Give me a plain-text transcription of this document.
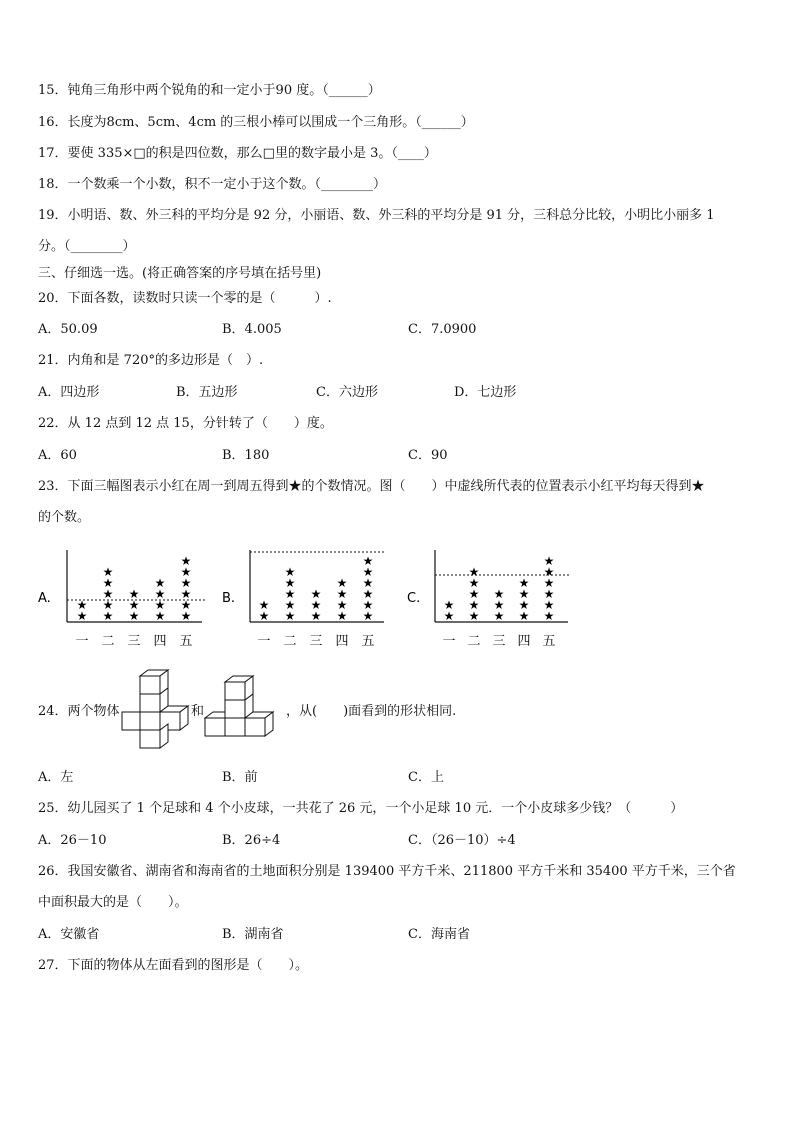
15．钝角三角形中两个锐角的和一定小于90 度。（______）
16．长度为8cm、5cm、4cm 的三根小棒可以围成一个三角形。（______）
17．要使 335×□的积是四位数，那么□里的数字最小是 3。（____）
18．一个数乘一个小数，积不一定小于这个数。（________）
19．小明语、数、外三科的平均分是 92 分，小丽语、数、外三科的平均分是 91 分，三科总分比较，小明比小丽多 1
分。（________）
三、仔细选一选。(将正确答案的序号填在括号里)
20．下面各数，读数时只读一个零的是（　　　）.
A．50.09	B．4.005	C．7.0900
21．内角和是 720°的多边形是（　）.
A．四边形	B．五边形	C．六边形	D．七边形
22．从 12 点到 12 点 15，分针转了（　　）度。
A．60	B．180	C．90
23．下面三幅图表示小红在周一到周五得到★的个数情况。图（　　）中虚线所代表的位置表示小红平均每天得到★
的个数。
A.
★
★
★
★
★
★
★
★
★
★
★
★
★
★
★
★
★
★
★
★
一 二 三 四 五
B.
★
★
★
★
★
★
★
★
★
★
★
★
★
★
★
★
★
★
★
★
一 二 三 四 五
C.
★
★
★
★
★
★
★
★
★
★
★
★
★
★
★
★
★
★
★
★
一 二 三 四 五
24．两个物体	和	，从(　　)面看到的形状相同.
A．左	B．前	C．上
25．幼儿园买了 1 个足球和 4 个小皮球，一共花了 26 元，一个小足球 10 元．一个小皮球多少钱？（　　　）
A．26－10	B．26÷4	C．（26－10）÷4
26．我国安徽省、湖南省和海南省的土地面积分别是 139400 平方千米、211800 平方千米和 35400 平方千米，三个省
中面积最大的是（　　）。
A．安徽省	B．湖南省	C．海南省
27．下面的物体从左面看到的图形是（　　）。
